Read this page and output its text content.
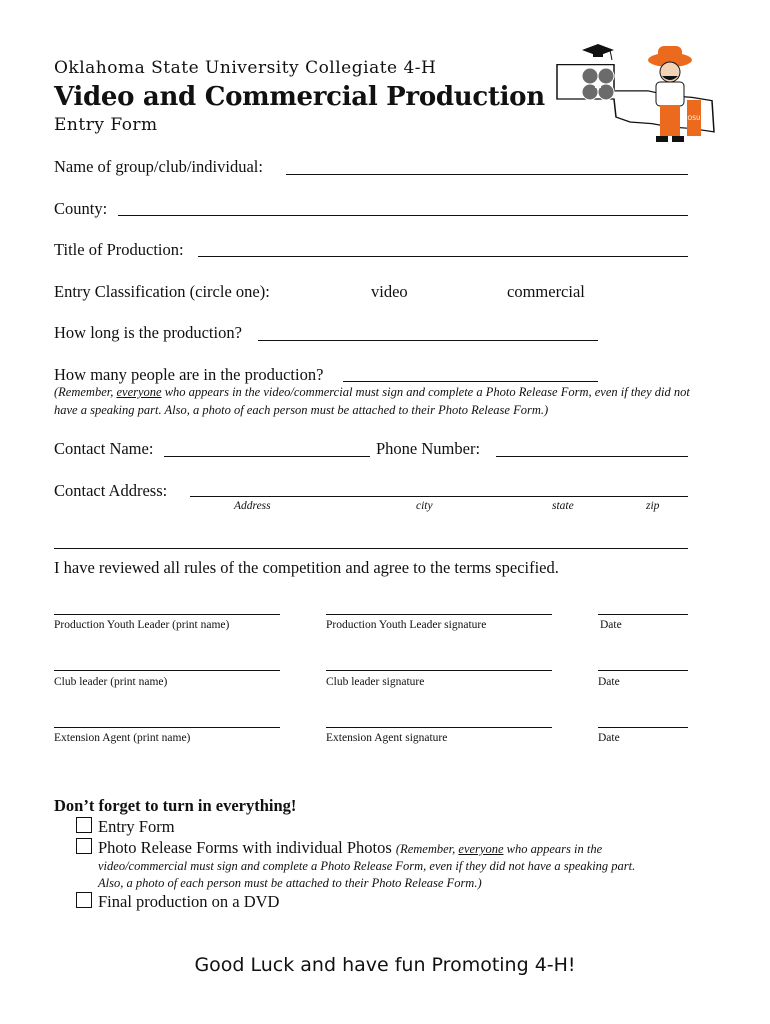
Oklahoma State University Collegiate 4-H
Video and Commercial Production
Entry Form
H
OSU
Name of group/club/individual:
County:
Title of Production:
Entry Classification (circle one):	video	commercial
How long is the production?
How many people are in the production?
(Remember, everyone who appears in the video/commercial must sign and complete a Photo Release Form, even if they did not have a speaking part. Also, a photo of each person must be attached to their Photo Release Form.)
Contact Name:	Phone Number:
Contact Address:
Address	city	state	zip
I have reviewed all rules of the competition and agree to the terms specified.
Production Youth Leader (print name)	Production Youth Leader signature	Date
Club leader (print name)	Club leader signature	Date
Extension Agent (print name)	Extension Agent signature	Date
Don’t forget to turn in everything!
Entry Form
Photo Release Forms with individual Photos (Remember, everyone who appears in the
video/commercial must sign and complete a Photo Release Form, even if they did not have a speaking part.
Also, a photo of each person must be attached to their Photo Release Form.)
Final production on a DVD
Good Luck and have fun Promoting 4-H!
